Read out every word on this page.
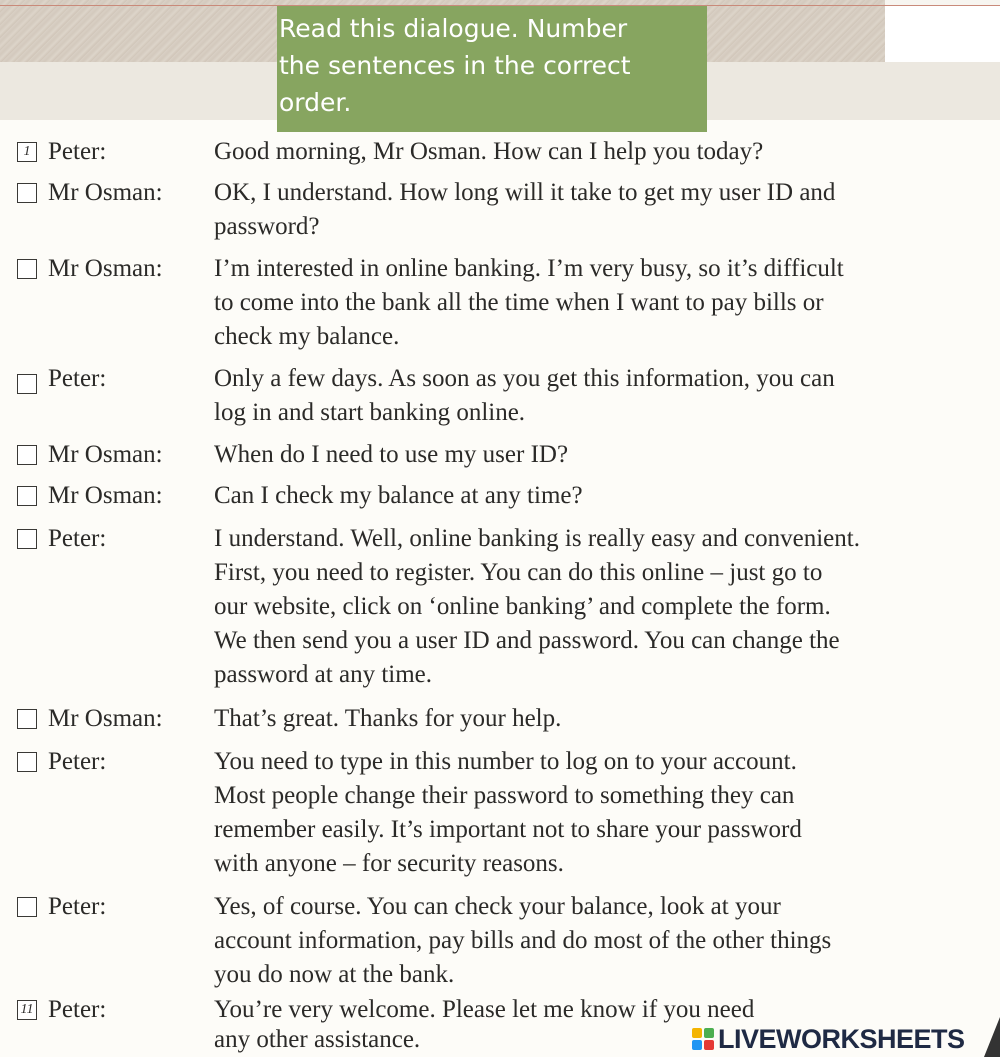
Read this dialogue. Number
the sentences in the correct
order.
1 Peter:	Good morning, Mr Osman. How can I help you today?
Mr Osman: OK, I understand. How long will it take to get my user ID and
password?
Mr Osman: I’m interested in online banking. I’m very busy, so it’s difficult
to come into the bank all the time when I want to pay bills or
check my balance.
Peter:	Only a few days. As soon as you get this information, you can
log in and start banking online.
Mr Osman: When do I need to use my user ID?
Mr Osman: Can I check my balance at any time?
Peter:	I understand. Well, online banking is really easy and convenient.
First, you need to register. You can do this online – just go to
our website, click on ‘online banking’ and complete the form.
We then send you a user ID and password. You can change the
password at any time.
Mr Osman: That’s great. Thanks for your help.
Peter:	You need to type in this number to log on to your account.
Most people change their password to something they can
remember easily. It’s important not to share your password
with anyone – for security reasons.
Peter:	Yes, of course. You can check your balance, look at your
account information, pay bills and do most of the other things
you do now at the bank.
11 Peter:	You’re very welcome. Please let me know if you need
any other assistance.	LIVEWORKSHEETS
